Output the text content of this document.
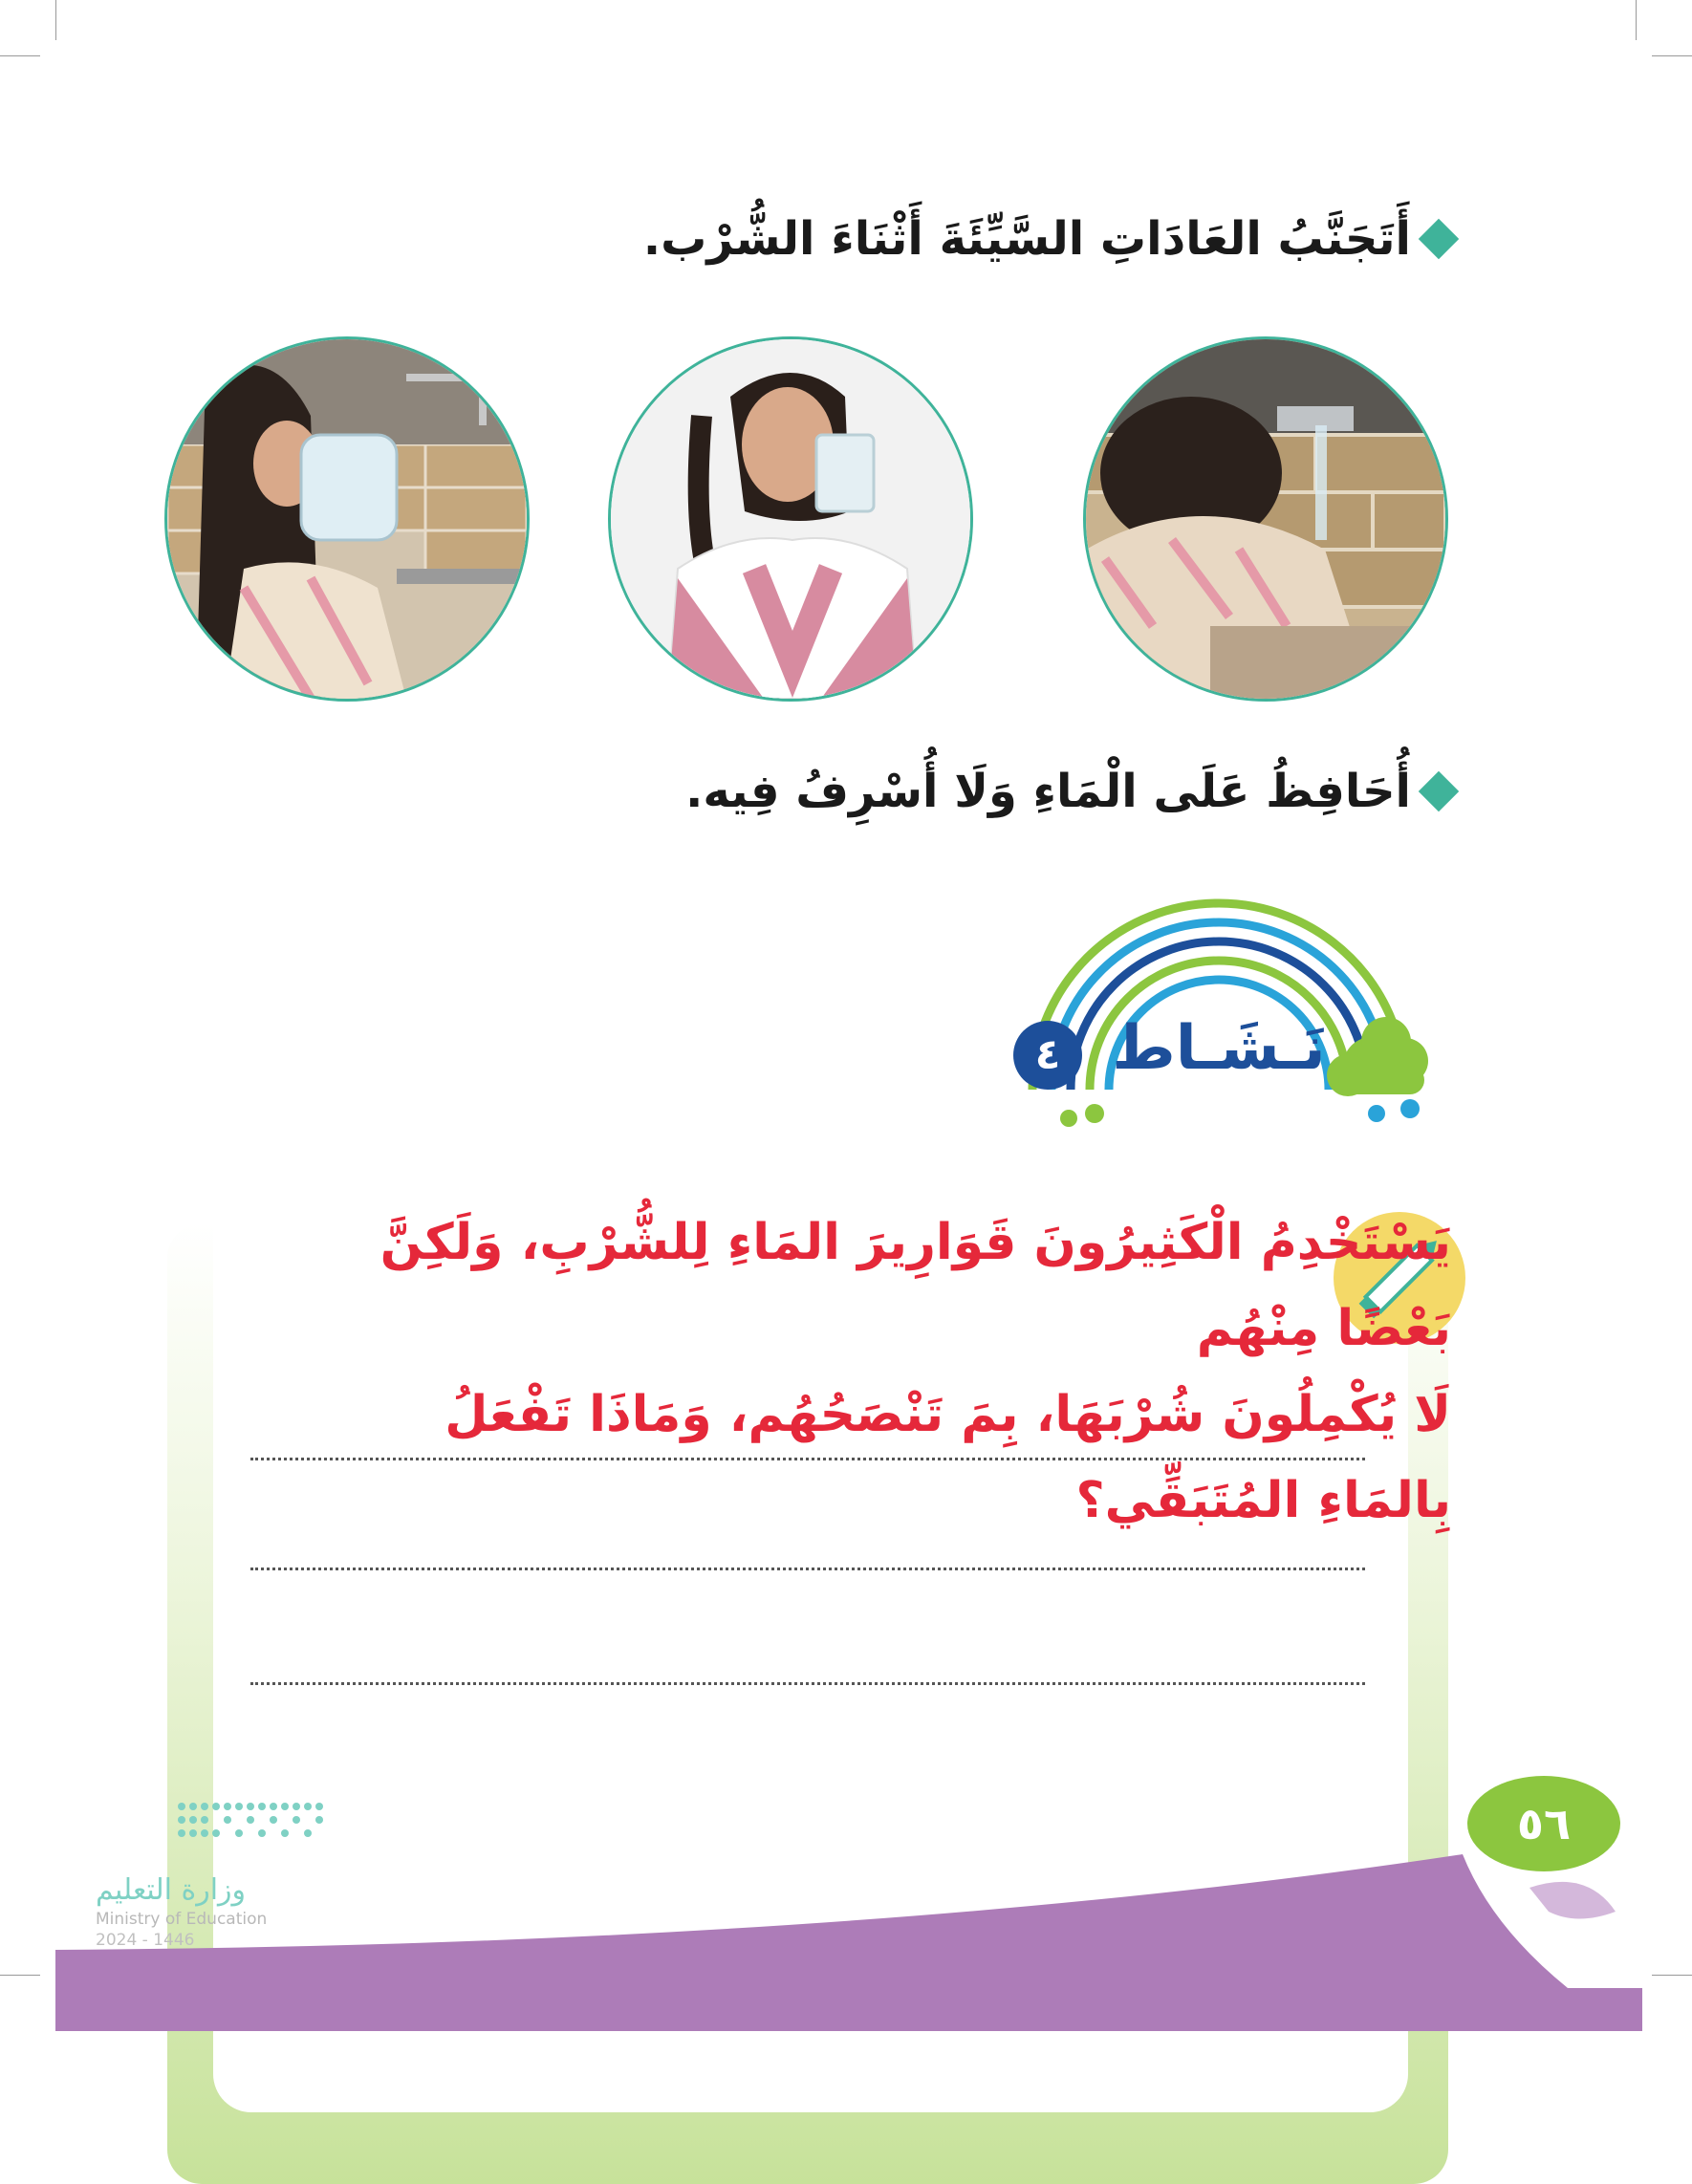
أَتَجَنَّبُ العَادَاتِ السَّيِّئَةَ أَثْنَاءَ الشُّرْب.
أُحَافِظُ عَلَى الْمَاءِ وَلَا أُسْرِفُ فِيه.
نَـشَـاط
٤
يَسْتَخْدِمُ الْكَثِيرُونَ قَوَارِيرَ المَاءِ لِلشُّرْبِ، وَلَكِنَّ بَعْضًا مِنْهُم
لَا يُكْمِلُونَ شُرْبَهَا، بِمَ تَنْصَحُهُم، وَمَاذَا تَفْعَلُ بِالمَاءِ المُتَبَقِّي؟
٥٦
وزارة التعليم
Ministry of Education
2024 - 1446
